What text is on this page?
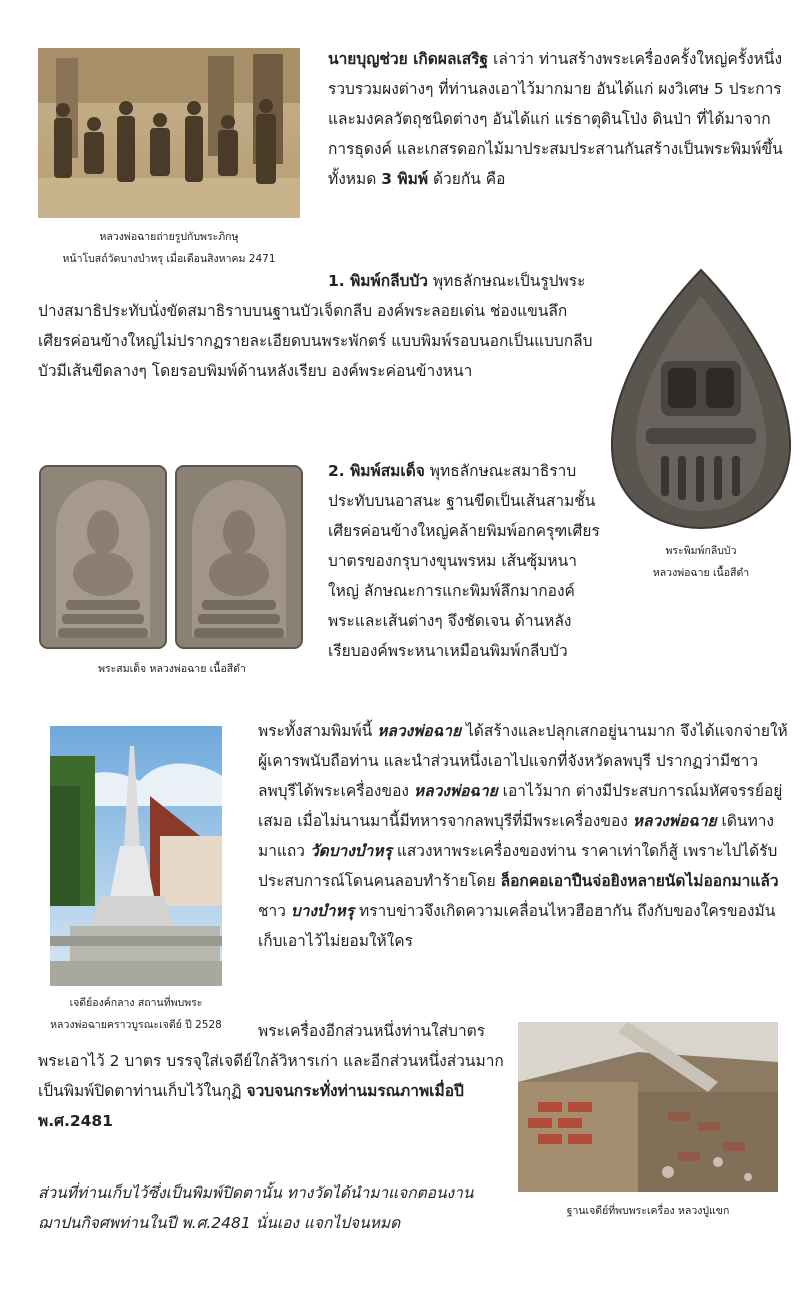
หลวงพ่อฉายถ่ายรูปกับพระภิกษุ
หน้าโบสถ์วัดบางบำหรุ เมื่อเดือนสิงหาคม 2471

นายบุญช่วย เกิดผลเสริฐ เล่าว่า ท่านสร้างพระเครื่องครั้งใหญ่ครั้งหนึ่งรวบรวมผงต่างๆ ที่ท่านลงเอาไว้มากมาย อันได้แก่ ผงวิเศษ 5 ประการ และมงคลวัตถุชนิดต่างๆ อันได้แก่ แร่ธาตุดินโป่ง ดินป่า ที่ได้มาจากการธุดงค์ และเกสรดอกไม้มาประสมประสานกันสร้างเป็นพระพิมพ์ขึ้นทั้งหมด 3 พิมพ์ ด้วยกัน คือ

1. พิมพ์กลีบบัว พุทธลักษณะเป็นรูปพระปางสมาธิประทับนั่งขัดสมาธิราบบนฐานบัวเจ็ดกลีบ องค์พระลอยเด่น ช่องแขนลึก เศียรค่อนข้างใหญ่ไม่ปรากฏรายละเอียดบนพระพักตร์ แบบพิมพ์รอบนอกเป็นแบบกลีบบัวมีเส้นขีดลางๆ โดยรอบพิมพ์ด้านหลังเรียบ องค์พระค่อนข้างหนา

พระพิมพ์กลีบบัว
หลวงพ่อฉาย เนื้อสีดำ
พระสมเด็จ หลวงพ่อฉาย เนื้อสีดำ

2. พิมพ์สมเด็จ พุทธลักษณะสมาธิราบประทับบนอาสนะ ฐานขีดเป็นเส้นสามชั้น เศียรค่อนข้างใหญ่คล้ายพิมพ์อกครุฑเศียรบาตรของกรุบางขุนพรหม เส้นซุ้มหนาใหญ่ ลักษณะการแกะพิมพ์ลึกมากองค์พระและเส้นต่างๆ จึงชัดเจน ด้านหลังเรียบองค์พระหนาเหมือนพิมพ์กลีบบัว

เจดีย์องค์กลาง สถานที่พบพระ
หลวงพ่อฉายคราวบูรณะเจดีย์ ปี 2528

พระทั้งสามพิมพ์นี้ หลวงพ่อฉาย ได้สร้างและปลุกเสกอยู่นานมาก จึงได้แจกจ่ายให้ผู้เคารพนับถือท่าน และนำส่วนหนึ่งเอาไปแจกที่จังหวัดลพบุรี ปรากฏว่ามีชาวลพบุรีได้พระเครื่องของ หลวงพ่อฉาย เอาไว้มาก ต่างมีประสบการณ์มหัศจรรย์อยู่เสมอ เมื่อไม่นานมานี้มีทหารจากลพบุรีที่มีพระเครื่องของ หลวงพ่อฉาย เดินทางมาแถว วัดบางบำหรุ แสวงหาพระเครื่องของท่าน ราคาเท่าใดก็สู้ เพราะไปได้รับประสบการณ์โดนคนลอบทำร้ายโดย ล็อกคอเอาปืนจ่อยิงหลายนัดไม่ออกมาแล้ว ชาว บางบำหรุ ทราบข่าวจึงเกิดความเคลื่อนไหวฮือฮากัน ถึงกับของใครของมันเก็บเอาไว้ไม่ยอมให้ใคร

ฐานเจดีย์ที่พบพระเครื่อง หลวงปู่แขก

พระเครื่องอีกส่วนหนึ่งท่านใส่บาตรพระเอาไว้ 2 บาตร บรรจุใส่เจดีย์ใกล้วิหารเก่า และอีกส่วนหนึ่งส่วนมากเป็นพิมพ์ปิดตาท่านเก็บไว้ในกุฏิ จวบจนกระทั่งท่านมรณภาพเมื่อปี พ.ศ.2481

ส่วนที่ท่านเก็บไว้ซึ่งเป็นพิมพ์ปิดตานั้น ทางวัดได้นำมาแจกตอนงานฌาปนกิจศพท่านในปี พ.ศ.2481 นั่นเอง แจกไปจนหมด
